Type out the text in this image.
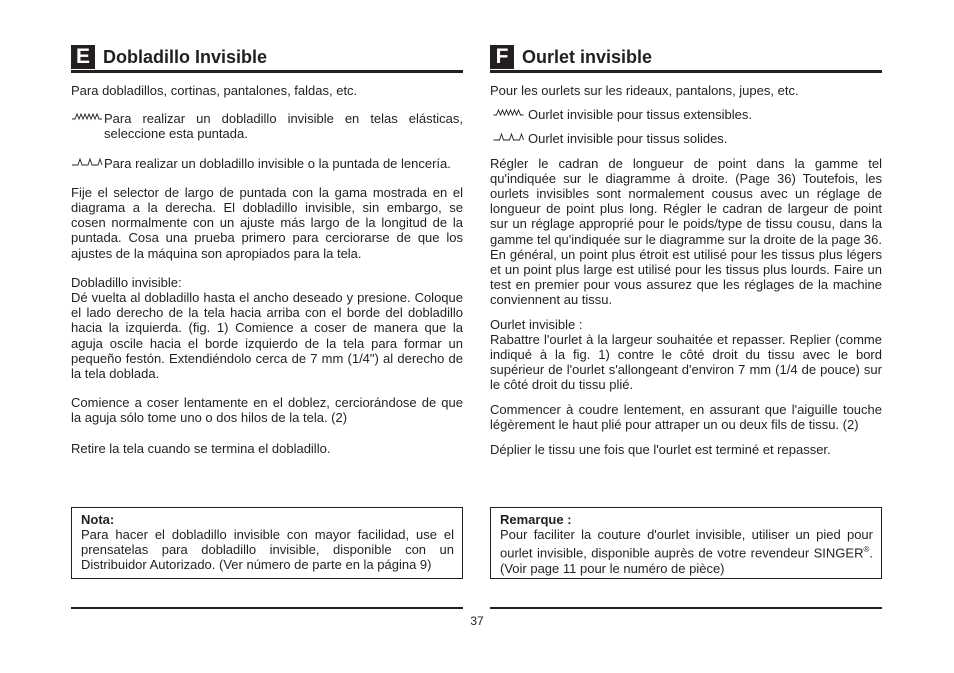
E Dobladillo Invisible

Para dobladillos, cortinas, pantalones, faldas, etc.

Para realizar un dobladillo invisible en telas elásticas, seleccione esta puntada.

Para realizar un dobladillo invisible o la puntada de lencería.

Fije el selector de largo de puntada con la gama mostrada en el diagrama a la derecha. El dobladillo invisible, sin embargo, se cosen normalmente con un ajuste más largo de la longitud de la puntada. Cosa una prueba primero para cerciorarse de que los ajustes de la máquina son apropiados para la tela.

Dobladillo invisible:

Dé vuelta al dobladillo hasta el ancho deseado y presione. Coloque el lado derecho de la tela hacia arriba con el borde del dobladillo hacia la izquierda. (fig. 1) Comience a coser de manera que la aguja oscile hacia el borde izquierdo de la tela para formar un pequeño festón. Extendiéndolo cerca de 7 mm (1/4") al derecho de la tela doblada.

Comience a coser lentamente en el doblez, cerciorándose de que la aguja sólo tome uno o dos hilos de la tela. (2)

Retire la tela cuando se termina el dobladillo.

Nota:

Para hacer el dobladillo invisible con mayor facilidad, use el prensatelas para dobladillo invisible, disponible con un Distribuidor Autorizado. (Ver número de parte en la página 9)

F Ourlet invisible

Pour les ourlets sur les rideaux, pantalons, jupes, etc.

Ourlet invisible pour tissus extensibles.

Ourlet invisible pour tissus solides.

Régler le cadran de longueur de point dans la gamme tel qu'indiquée sur le diagramme à droite. (Page 36) Toutefois, les ourlets invisibles sont normalement cousus avec un réglage de longueur de point plus long. Régler le cadran de largeur de point sur un réglage approprié pour le poids/type de tissu cousu, dans la gamme tel qu'indiquée sur le diagramme sur la droite de la page 36. En général, un point plus étroit est utilisé pour les tissus plus légers et un point plus large est utilisé pour les tissus plus lourds. Faire un test en premier pour vous assurez que les réglages de la machine conviennent au tissu.

Ourlet invisible :

Rabattre l'ourlet à la largeur souhaitée et repasser. Replier (comme indiqué à la fig. 1) contre le côté droit du tissu avec le bord supérieur de l'ourlet s'allongeant d'environ 7 mm (1/4 de pouce) sur le côté droit du tissu plié.

Commencer à coudre lentement, en assurant que l'aiguille touche légèrement le haut plié pour attraper un ou deux fils de tissu. (2)

Déplier le tissu une fois que l'ourlet est terminé et repasser.

Remarque :

Pour faciliter la couture d'ourlet invisible, utiliser un pied pour ourlet invisible, disponible auprès de votre revendeur SINGER®. (Voir page 11 pour le numéro de pièce)

37
